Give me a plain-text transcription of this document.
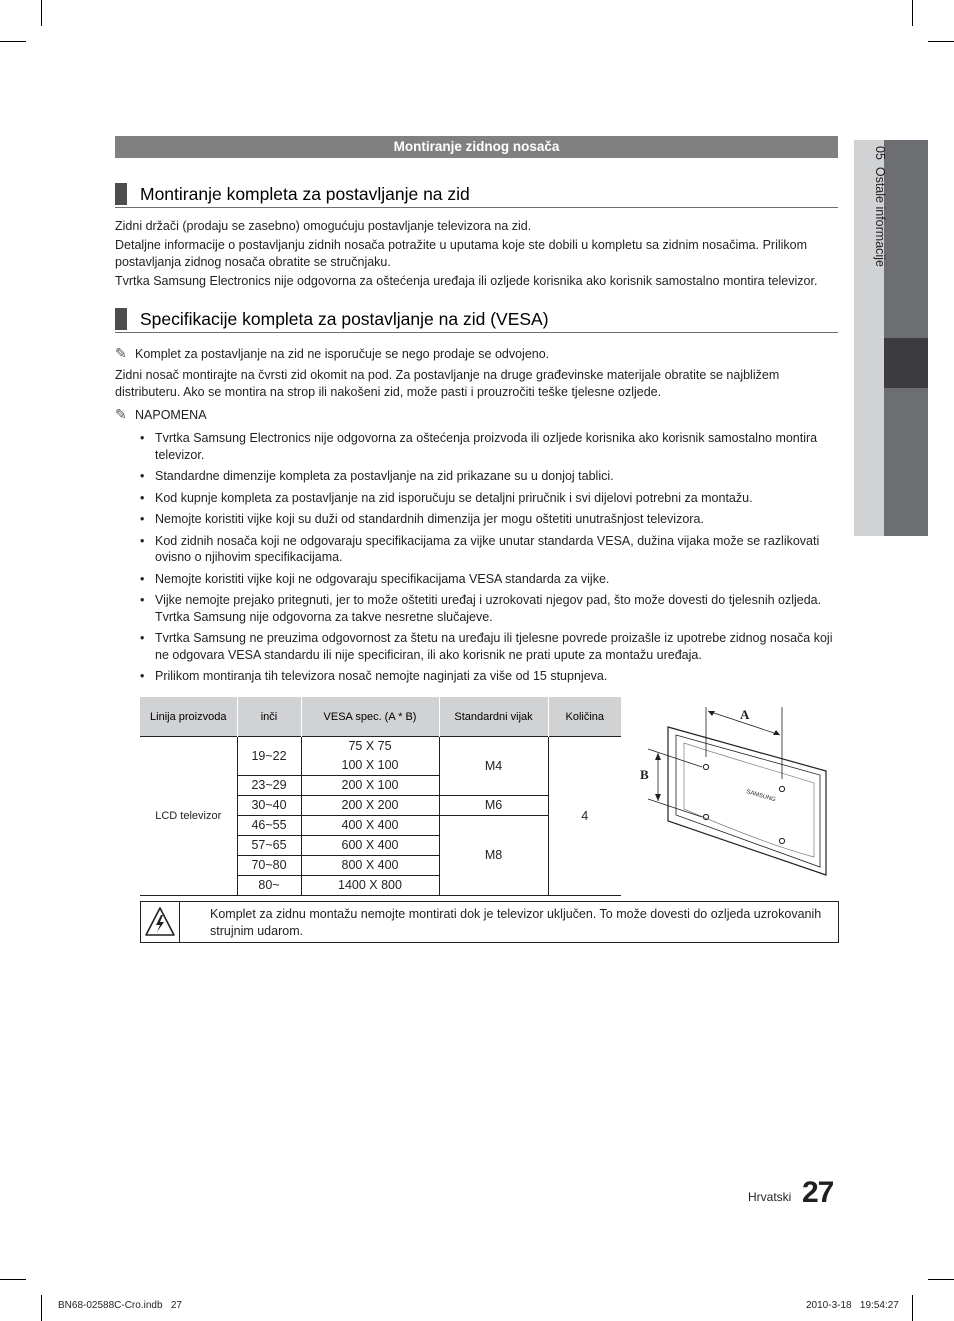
05  Ostale informacije
Montiranje zidnog nosača
Montiranje kompleta za postavljanje na zid
Zidni držači (prodaju se zasebno) omogućuju postavljanje televizora na zid.
Detaljne informacije o postavljanju zidnih nosača potražite u uputama koje ste dobili u kompletu sa zidnim nosačima. Prilikom postavljanja zidnog nosača obratite se stručnjaku.
Tvrtka Samsung Electronics nije odgovorna za oštećenja uređaja ili ozljede korisnika ako korisnik samostalno montira televizor.
Specifikacije kompleta za postavljanje na zid (VESA)
✎ Komplet za postavljanje na zid ne isporučuje se nego prodaje se odvojeno.
Zidni nosač montirajte na čvrsti zid okomit na pod. Za postavljanje na druge građevinske materijale obratite se najbližem distributeru. Ako se montira na strop ili nakošeni zid, može pasti i prouzročiti teške tjelesne ozljede.
✎ NAPOMENA
• Tvrtka Samsung Electronics nije odgovorna za oštećenja proizvoda ili ozljede korisnika ako korisnik samostalno montira televizor.
• Standardne dimenzije kompleta za postavljanje na zid prikazane su u donjoj tablici.
• Kod kupnje kompleta za postavljanje na zid isporučuju se detaljni priručnik i svi dijelovi potrebni za montažu.
• Nemojte koristiti vijke koji su duži od standardnih dimenzija jer mogu oštetiti unutrašnjost televizora.
• Kod zidnih nosača koji ne odgovaraju specifikacijama za vijke unutar standarda VESA, dužina vijaka može se razlikovati ovisno o njihovim specifikacijama.
• Nemojte koristiti vijke koji ne odgovaraju specifikacijama VESA standarda za vijke.
• Vijke nemojte prejako pritegnuti, jer to može oštetiti uređaj i uzrokovati njegov pad, što može dovesti do tjelesnih ozljeda. Tvrtka Samsung nije odgovorna za takve nesretne slučajeve.
• Tvrtka Samsung ne preuzima odgovornost za štetu na uređaju ili tjelesne povrede proizašle iz upotrebe zidnog nosača koji ne odgovara VESA standardu ili nije specificiran, ili ako korisnik ne prati upute za montažu uređaja.
• Prilikom montiranja tih televizora nosač nemojte naginjati za više od 15 stupnjeva.
Linija proizvoda	inči	VESA spec. (A * B)	Standardni vijak	Količina
LCD televizor	19~22	75 X 75	M4	4
		100 X 100		
	23~29	200 X 100		
	30~40	200 X 200	M6	
	46~55	400 X 400	M8	
	57~65	600 X 400		
	70~80	800 X 400		
	80~	1400 X 800		
SAMSUNG
A
B
Komplet za zidnu montažu nemojte montirati dok je televizor uključen. To može dovesti do ozljeda uzrokovanih strujnim udarom.
Hrvatski 27
BN68-02588C-Cro.indb   27	2010-3-18   19:54:27
